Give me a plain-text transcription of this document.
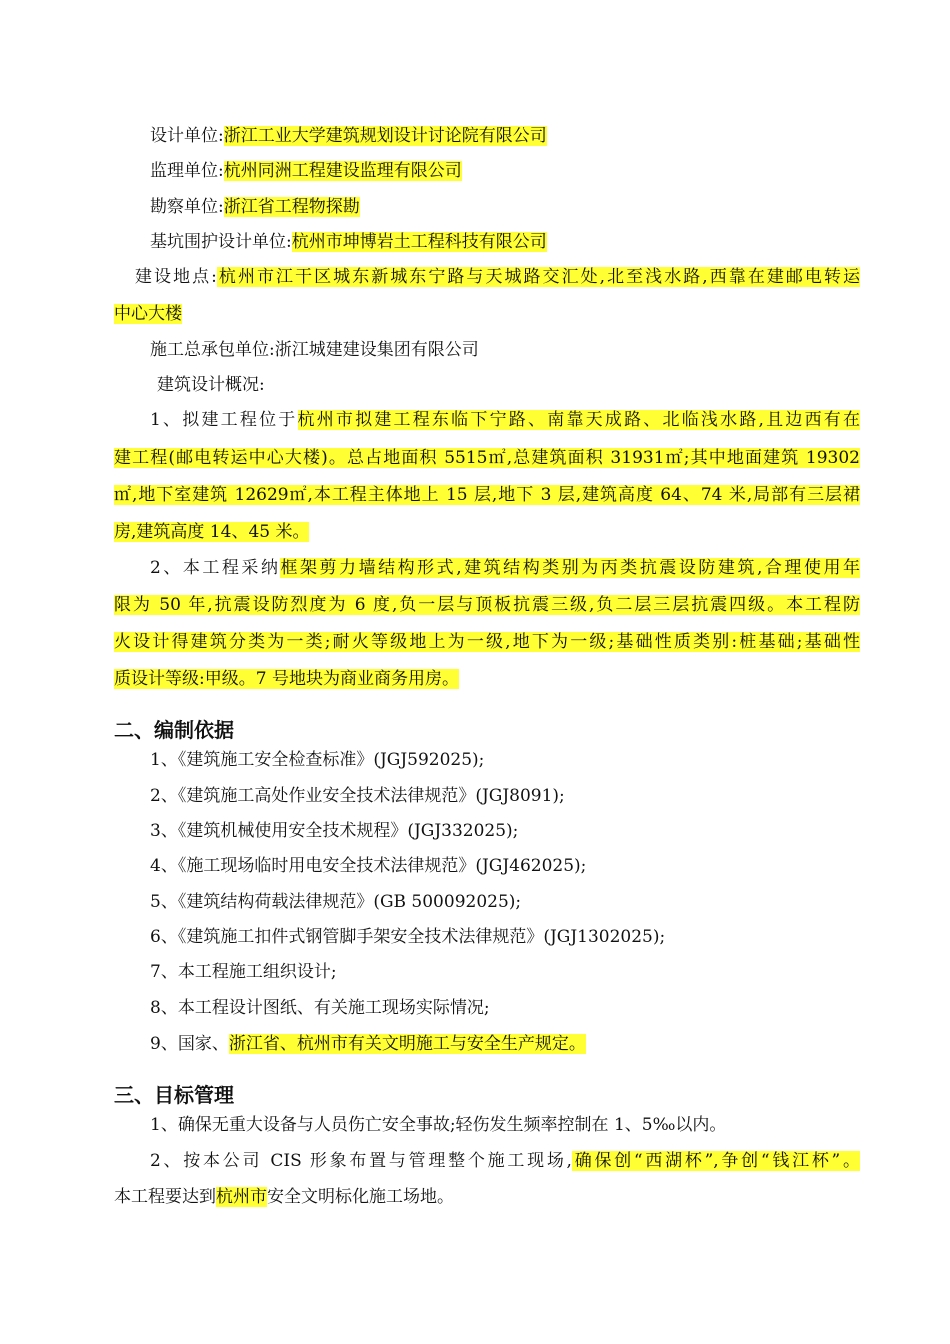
设计单位:浙江工业大学建筑规划设计讨论院有限公司
监理单位:杭州同洲工程建设监理有限公司
勘察单位:浙江省工程物探勘
基坑围护设计单位:杭州市坤博岩土工程科技有限公司
建设地点:杭州市江干区城东新城东宁路与天城路交汇处,北至浅水路,西靠在建邮电转运
中心大楼
施工总承包单位:浙江城建建设集团有限公司
建筑设计概况:
1、拟建工程位于杭州市拟建工程东临下宁路、南靠天成路、北临浅水路,且边西有在
建工程(邮电转运中心大楼)。总占地面积 5515㎡,总建筑面积 31931㎡;其中地面建筑 19302
㎡,地下室建筑 12629㎡,本工程主体地上 15 层,地下 3 层,建筑高度 64、74 米,局部有三层裙
房,建筑高度 14、45 米。
2、本工程采纳框架剪力墙结构形式,建筑结构类别为丙类抗震设防建筑,合理使用年
限为 50 年,抗震设防烈度为 6 度,负一层与顶板抗震三级,负二层三层抗震四级。本工程防
火设计得建筑分类为一类;耐火等级地上为一级,地下为一级;基础性质类别:桩基础;基础性
质设计等级:甲级。7 号地块为商业商务用房。
二、编制依据
1、《建筑施工安全检查标准》(JGJ592025);
2、《建筑施工高处作业安全技术法律规范》(JGJ8091);
3、《建筑机械使用安全技术规程》(JGJ332025);
4、《施工现场临时用电安全技术法律规范》(JGJ462025);
5、《建筑结构荷载法律规范》(GB 500092025);
6、《建筑施工扣件式钢管脚手架安全技术法律规范》(JGJ1302025);
7、本工程施工组织设计;
8、本工程设计图纸、有关施工现场实际情况;
9、国家、浙江省、杭州市有关文明施工与安全生产规定。
三、目标管理
1、确保无重大设备与人员伤亡安全事故;轻伤发生频率控制在 1、5‰以内。
2、按本公司 CIS 形象布置与管理整个施工现场,确保创“西湖杯”,争创“钱江杯”。
本工程要达到杭州市安全文明标化施工场地。
